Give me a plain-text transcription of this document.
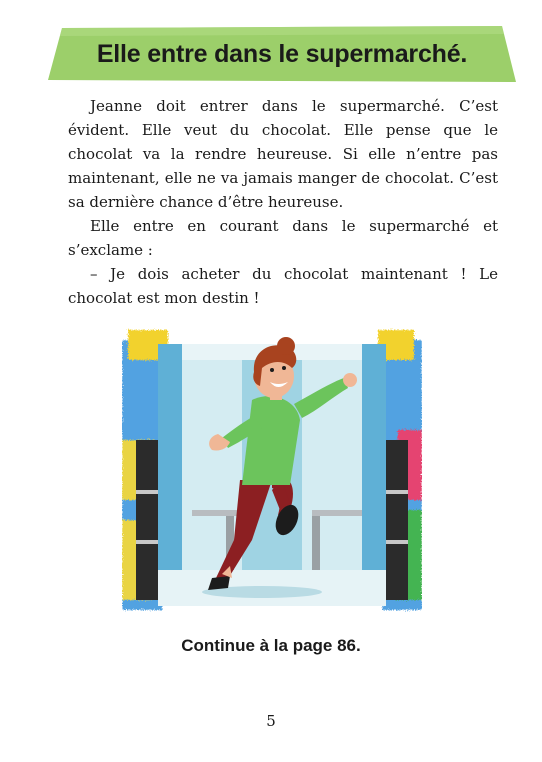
Elle entre dans le supermarché.

Jeanne doit entrer dans le supermarché. C’est évident. Elle veut du chocolat. Elle pense que le chocolat va la rendre heureuse. Si elle n’entre pas maintenant, elle ne va jamais manger de chocolat. C’est sa dernière chance d’être heureuse.

Elle entre en courant dans le supermarché et s’exclame :

– Je dois acheter du chocolat maintenant ! Le chocolat est mon destin !

Continue à la page 86.
5
